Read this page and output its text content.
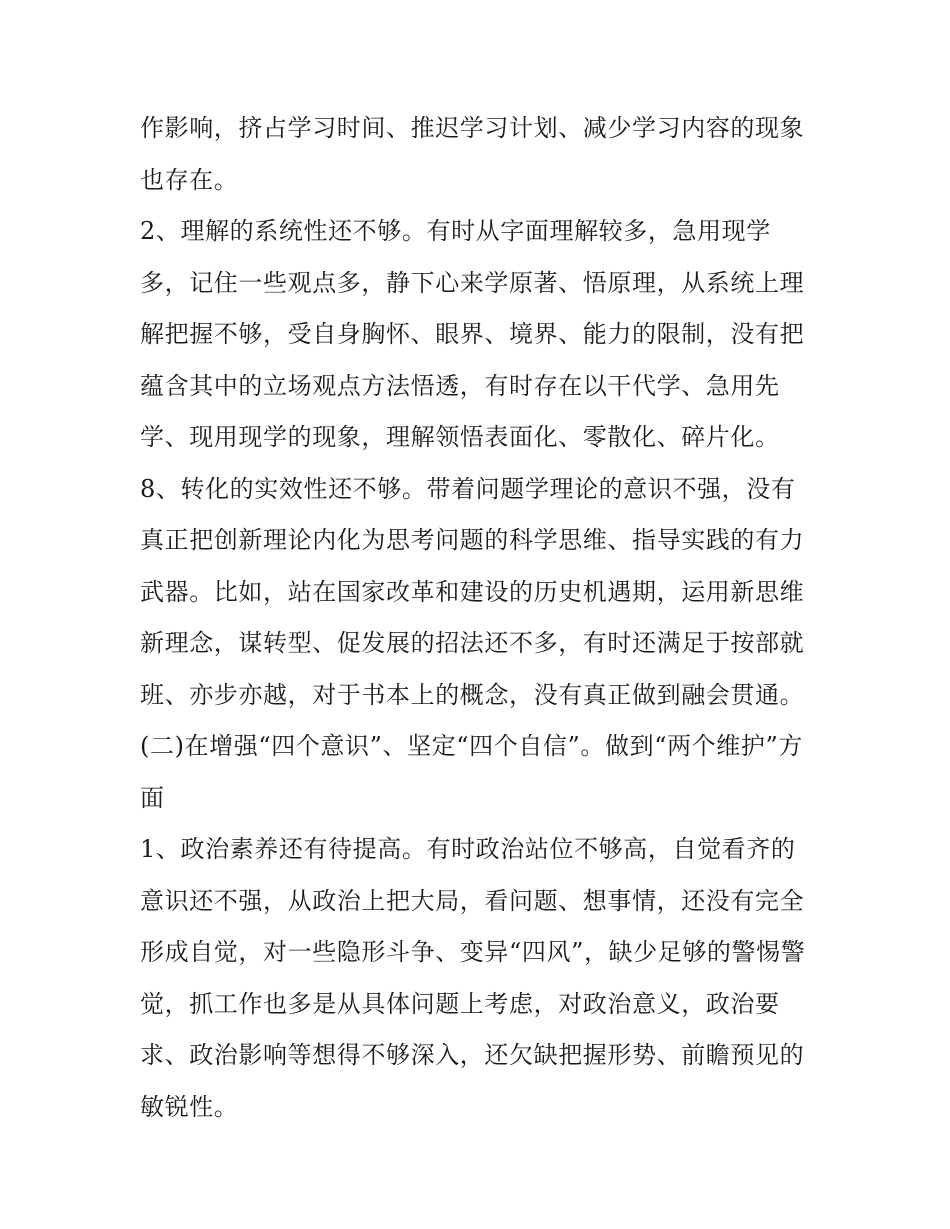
作影响，挤占学习时间、推迟学习计划、减少学习内容的现象
也存在。
2、理解的系统性还不够。有时从字面理解较多，急用现学
多，记住一些观点多，静下心来学原著、悟原理，从系统上理
解把握不够，受自身胸怀、眼界、境界、能力的限制，没有把
蕴含其中的立场观点方法悟透，有时存在以干代学、急用先
学、现用现学的现象，理解领悟表面化、零散化、碎片化。
8、转化的实效性还不够。带着问题学理论的意识不强，没有
真正把创新理论内化为思考问题的科学思维、指导实践的有力
武器。比如，站在国家改革和建设的历史机遇期，运用新思维
新理念，谋转型、促发展的招法还不多，有时还满足于按部就
班、亦步亦越，对于书本上的概念，没有真正做到融会贯通。
(二)在增强“四个意识”、坚定“四个自信”。做到“两个维护”方
面
1、政治素养还有待提高。有时政治站位不够高，自觉看齐的
意识还不强，从政治上把大局，看问题、想事情，还没有完全
形成自觉，对一些隐形斗争、变异“四风”，缺少足够的警惕警
觉，抓工作也多是从具体问题上考虑，对政治意义，政治要
求、政治影响等想得不够深入，还欠缺把握形势、前瞻预见的
敏锐性。
